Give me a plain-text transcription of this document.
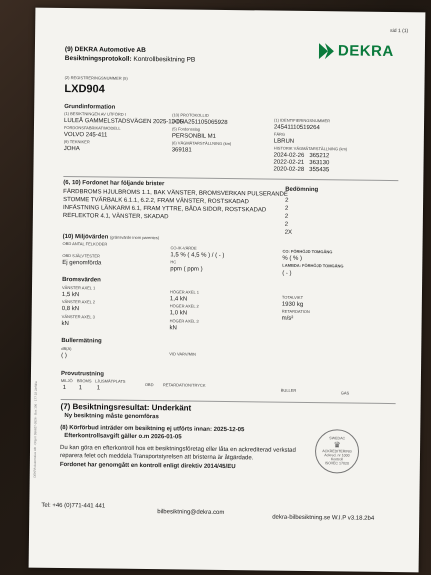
sid 1 (1)
(9) DEKRA Automotive AB
Besiktningsprotokoll: Kontrollbesiktning PB	DEKRA
(2) REGISTRERINGSNUMMER (5)
LXD904
Grundinformation
(1) BESIKTNINGEN AV UTFÖRD I
LULEÅ GAMMELSTADSVÄGEN 2025-11-05
FORDONSFABRIKAT/MODELL
VOLVO 245-411
(9) TEKNIKER
JOHA
(10) PROTOKOLLID
JOHA251105065928
(5) Fordonsslag
PERSONBIL M1
(6) VÄGMÄTARSTÄLLNING (km)
369181
(1) IDENTIFIERINGSNUMMER
24541110519264
FÄRG
LBRUN
HISTORIK VÄGMÄTARSTÄLLNING (km)
2024-02-26 365212
2022-02-21 363130
2020-02-28 355435
(6, 10) Fordonet har följande brister
Bedömning
FÄRDBROMS HJULBROMS 1.1, BAK VÄNSTER, BROMSVERKAN PULSERANDE
2
STOMME TVÄRBALK 6.1.1, 6.2.2, FRAM VÄNSTER, ROSTSKADAD
2
INFÄSTNING LÄNKARM 6.1, FRAM YTTRE, BÅDA SIDOR, ROSTSKADAD
2
REFLEKTOR 4.1, VÄNSTER, SKADAD
2
2X
(10) Miljövärden (gränsvärde inom parentes)
OBD ANTAL FELKODER
OBD SJÄLVTESTER
Ej genomförda
CO-/K-VÄRDE
1,5 % ( 4,5 % ) / ( - )
HC
ppm ( ppm )
CO: FÖRHÖJD TOMGÅNG
% ( % )
LAMBDA: FÖRHÖJD TOMGÅNG
( - )
Bromsvärden
VÄNSTER AXEL 1
1,5 kN
VÄNSTER AXEL 2
0,8 kN
VÄNSTER AXEL 3
kN
HÖGER AXEL 1
1,4 kN
HÖGER AXEL 2
1,0 kN
HÖGER AXEL 3
kN
TOTALVIKT
1930 kg
RETARDATION
m/s²
Bullermätning
dB(A)
( )	VID VARV/MIN
Provutrustning
MILJÖ BROMS LJUSMÄTPLATS
OBD RETARDATION/TRYCK
BULLER
GAS
1 1 1
(7) Besiktningsresultat: Underkänt
Ny besiktning måste genomföras
(8) Körförbud inträder om besiktning ej utförts innan: 2025-12-05
Efterkontrollsavgift gäller o.m 2026-01-05
Du kan göra en efterkontroll hos ett besiktningsföretag eller låta en ackrediterad verkstad
reparera felet och meddela Transportstyrelsen att bristerna är åtgärdade.
Fordonet har genomgått en kontroll enligt direktiv 2014/45/EU
SWEDAC
♛
ACKREDITERING
Ackred. nr 1000
Kontroll
ISO/IEC 17020
Tel: +46 (0)771-441 441
bilbesiktning@dekra.com
dekra-bilbesiktning.se W.I.P v3.18.2b4
DEKRA Automotive AB · Org.nr 556627-2626 · Box 106 · 177 22 Järfälla
